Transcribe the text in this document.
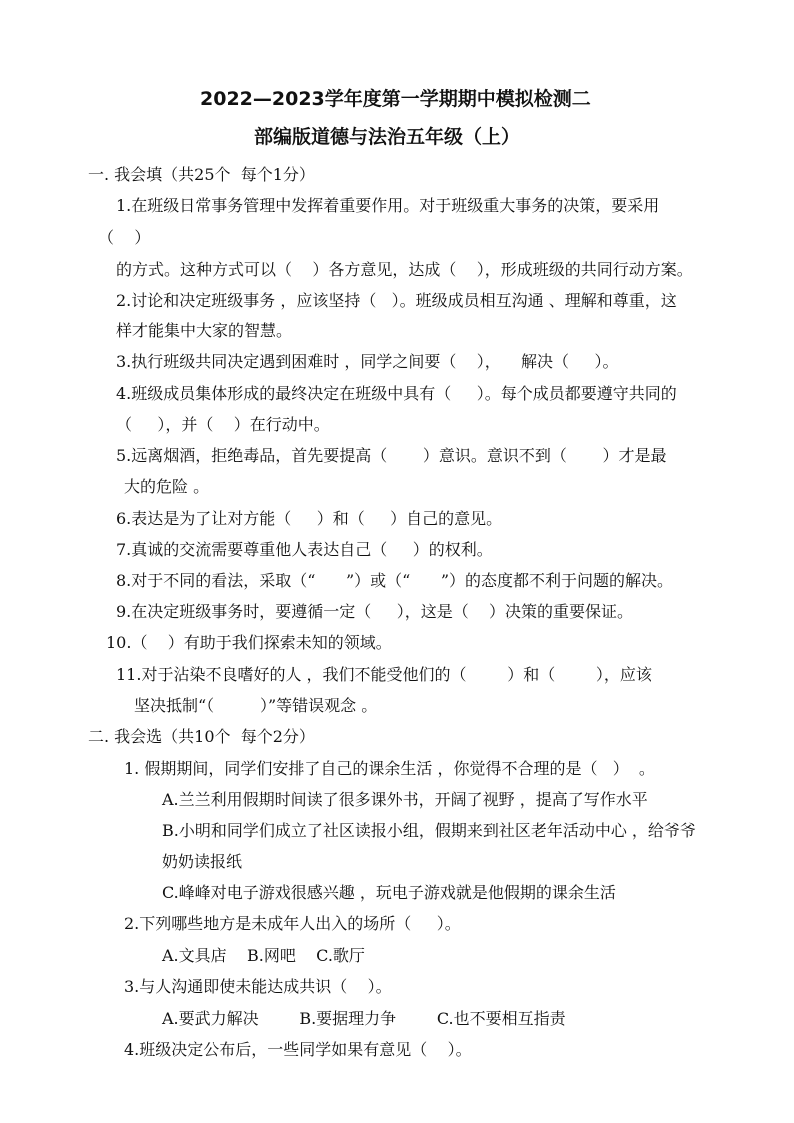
2022—2023学年度第一学期期中模拟检测二
部编版道德与法治五年级（上）
一. 我会填（共25个  每个1分）
1.在班级日常事务管理中发挥着重要作用。对于班级重大事务的决策，要采用
（    ）
的方式。这种方式可以（    ）各方意见，达成（    ），形成班级的共同行动方案。
2.讨论和决定班级事务 ，应该坚持（   ）。班级成员相互沟通 、理解和尊重，这
样才能集中大家的智慧。
3.执行班级共同决定遇到困难时 ，同学之间要（    ），    解决（     ）。
4.班级成员集体形成的最终决定在班级中具有（     ）。每个成员都要遵守共同的
（     ），并（    ）在行动中。
5.远离烟酒，拒绝毒品，首先要提高（       ）意识。意识不到（       ）才是最
大的危险 。
6.表达是为了让对方能（     ）和（     ）自己的意见。
7.真诚的交流需要尊重他人表达自己（     ）的权利。
8.对于不同的看法，采取（“      ”）或（“      ”）的态度都不利于问题的解决。
9.在决定班级事务时，要遵循一定（     ），这是（    ）决策的重要保证。
10.（    ）有助于我们探索未知的领域。
11.对于沾染不良嗜好的人 ，我们不能受他们的（        ）和（        ），应该
坚决抵制“（         ）”等错误观念 。
二. 我会选（共10个  每个2分）
1. 假期期间，同学们安排了自己的课余生活 ，你觉得不合理的是（   ）  。
A.兰兰利用假期时间读了很多课外书，开阔了视野 ，提高了写作水平
B.小明和同学们成立了社区读报小组，假期来到社区老年活动中心 ，给爷爷
奶奶读报纸
C.峰峰对电子游戏很感兴趣 ，玩电子游戏就是他假期的课余生活
2.下列哪些地方是未成年人出入的场所（     ）。
A.文具店    B.网吧    C.歌厅
3.与人沟通即使未能达成共识（    ）。
A.要武力解决        B.要据理力争        C.也不要相互指责
4.班级决定公布后，一些同学如果有意见（    ）。
